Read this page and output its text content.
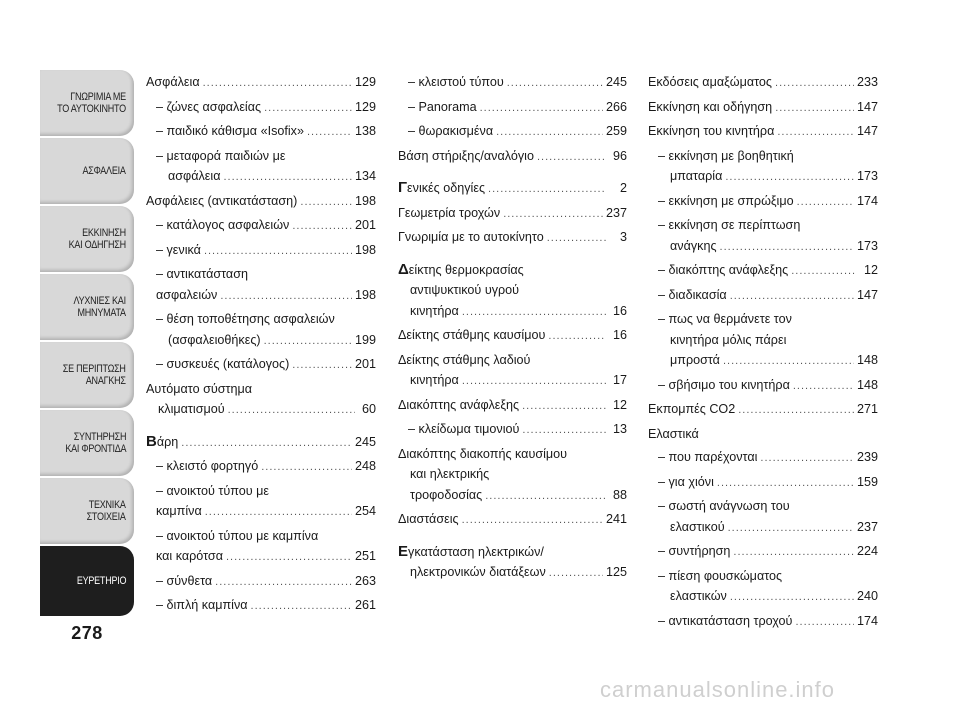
ΓΝΩΡΙΜΙΑ ΜΕ
ΤΟ ΑΥΤΟΚΙΝΗΤΟ
ΑΣΦΑΛΕΙΑ
ΕΚΚΙΝΗΣΗ
ΚΑΙ ΟΔΗΓΗΣΗ
ΛΥΧΝΙΕΣ ΚΑΙ
ΜΗΝΥΜΑΤΑ
ΣΕ ΠΕΡΙΠΤΩΣΗ
ΑΝΑΓΚΗΣ
ΣΥΝΤΗΡΗΣΗ
ΚΑΙ ΦΡΟΝΤΙΔΑ
ΤΕΧΝΙΚΑ
ΣΤΟΙΧΕΙΑ
ΕΥΡΕΤΗΡΙΟ
278
Ασφάλεια .....	129
– ζώνες ασφαλείας .....	129
– παιδικό κάθισμα «Isofix» .....	138
– μεταφορά παιδιών με
ασφάλεια .....	134
Ασφάλειες (αντικατάσταση) .....	198
– κατάλογος ασφαλειών .....	201
– γενικά .....	198
– αντικατάσταση
ασφαλειών .....	198
– θέση τοποθέτησης ασφαλειών
(ασφαλειοθήκες) .....	199
– συσκευές (κατάλογος) .....	201
Αυτόματο σύστημα
κλιματισμού .....	60
Βάρη .....	245
– κλειστό φορτηγό .....	248
– ανοικτού τύπου με
καμπίνα .....	254
– ανοικτού τύπου με καμπίνα
και καρότσα .....	251
– σύνθετα .....	263
– διπλή καμπίνα .....	261
– κλειστού τύπου .....	245
– Panorama .....	266
– θωρακισμένα .....	259
Βάση στήριξης/αναλόγιο .....	96
Γενικές οδηγίες .....	2
Γεωμετρία τροχών .....	237
Γνωριμία με το αυτοκίνητο .....	3
Δείκτης θερμοκρασίας
αντιψυκτικού υγρού
κινητήρα .....	16
Δείκτης στάθμης καυσίμου .....	16
Δείκτης στάθμης λαδιού
κινητήρα .....	17
Διακόπτης ανάφλεξης .....	12
– κλείδωμα τιμονιού .....	13
Διακόπτης διακοπής καυσίμου
και ηλεκτρικής
τροφοδοσίας .....	88
Διαστάσεις .....	241
Εγκατάσταση ηλεκτρικών/
ηλεκτρονικών διατάξεων .....	125
Εκδόσεις αμαξώματος .....	233
Εκκίνηση και οδήγηση .....	147
Εκκίνηση του κινητήρα .....	147
– εκκίνηση με βοηθητική
μπαταρία .....	173
– εκκίνηση με σπρώξιμο .....	174
– εκκίνηση σε περίπτωση
ανάγκης .....	173
– διακόπτης ανάφλεξης .....	12
– διαδικασία .....	147
– πως να θερμάνετε τον
κινητήρα μόλις πάρει
μπροστά .....	148
– σβήσιμο του κινητήρα .....	148
Εκπομπές CO2 .....	271
Ελαστικά
– που παρέχονται .....	239
– για χιόνι .....	159
– σωστή ανάγνωση του
ελαστικού .....	237
– συντήρηση .....	224
– πίεση φουσκώματος
ελαστικών .....	240
– αντικατάσταση τροχού .....	174
carmanualsonline.info
